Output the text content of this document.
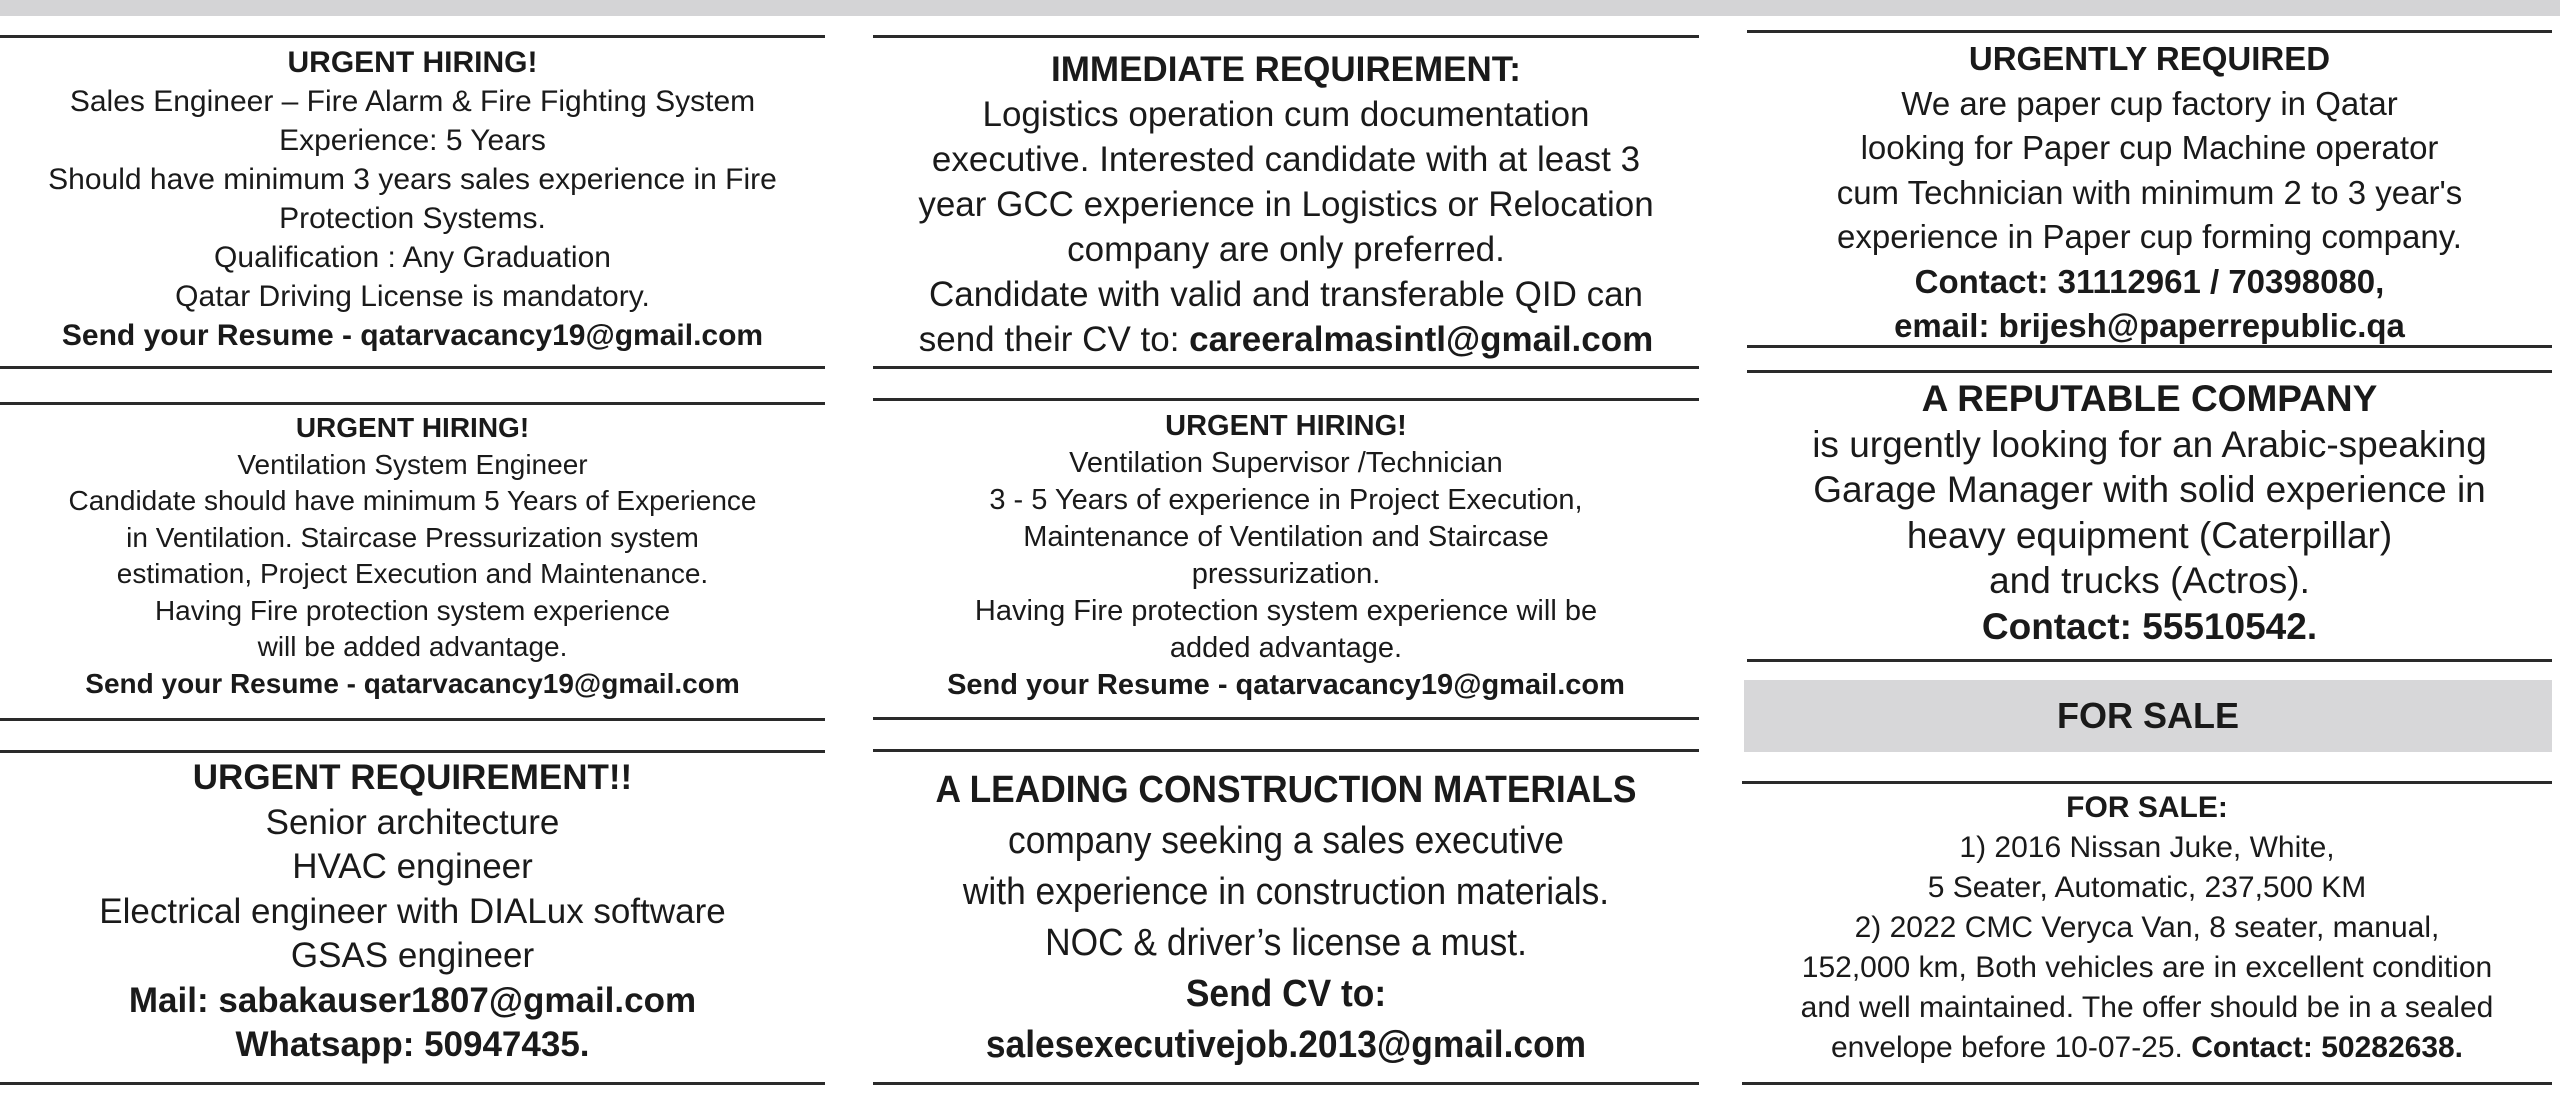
URGENT HIRING!

Sales Engineer – Fire Alarm & Fire Fighting System

Experience: 5 Years

Should have minimum 3 years sales experience in Fire

Protection Systems.

Qualification : Any Graduation

Qatar Driving License is mandatory.

Send your Resume - qatarvacancy19@gmail.com

URGENT HIRING!

Ventilation System Engineer

Candidate should have minimum 5 Years of Experience

in Ventilation. Staircase Pressurization system

estimation, Project Execution and Maintenance.

Having Fire protection system experience

will be added advantage.

Send your Resume - qatarvacancy19@gmail.com

URGENT REQUIREMENT!!

Senior architecture

HVAC engineer

Electrical engineer with DIALux software

GSAS engineer

Mail: sabakauser1807@gmail.com

Whatsapp: 50947435.

IMMEDIATE REQUIREMENT:

Logistics operation cum documentation

executive. Interested candidate with at least 3

year GCC experience in Logistics or Relocation

company are only preferred.

Candidate with valid and transferable QID can

send their CV to: careeralmasintl@gmail.com

URGENT HIRING!

Ventilation Supervisor /Technician

3 - 5 Years of experience in Project Execution,

Maintenance of Ventilation and Staircase

pressurization.

Having Fire protection system experience will be

added advantage.

Send your Resume - qatarvacancy19@gmail.com

A LEADING CONSTRUCTION MATERIALS

company seeking a sales executive

with experience in construction materials.

NOC & driver’s license a must.

Send CV to:

salesexecutivejob.2013@gmail.com

URGENTLY REQUIRED

We are paper cup factory in Qatar

looking for Paper cup Machine operator

cum Technician with minimum 2 to 3 year's

experience in Paper cup forming company.

Contact: 31112961 / 70398080,

email: brijesh@paperrepublic.qa

A REPUTABLE COMPANY

is urgently looking for an Arabic-speaking

Garage Manager with solid experience in

heavy equipment (Caterpillar)

and trucks (Actros).

Contact: 55510542.

FOR SALE

FOR SALE:

1) 2016 Nissan Juke, White,

5 Seater, Automatic, 237,500 KM

2) 2022 CMC Veryca Van, 8 seater, manual,

152,000 km, Both vehicles are in excellent condition

and well maintained. The offer should be in a sealed

envelope before 10-07-25. Contact: 50282638.
